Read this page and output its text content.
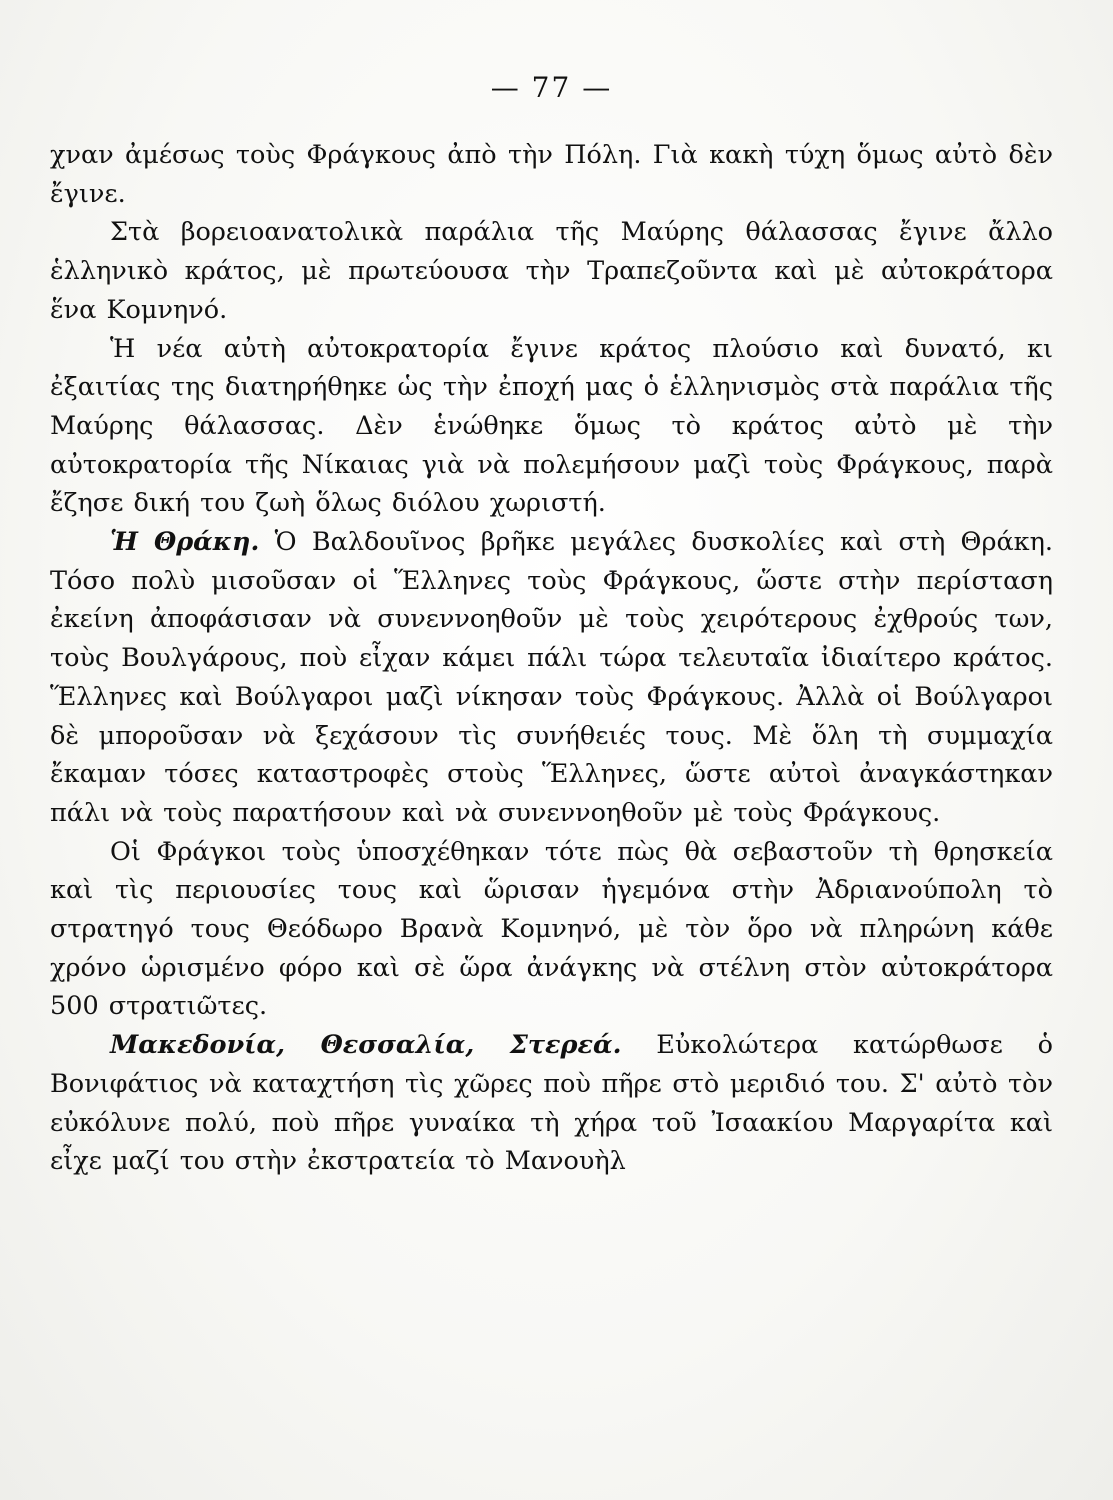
— 77 —

χναν ἀμέσως τοὺς Φράγκους ἀπὸ τὴν Πόλη. Γιὰ κακὴ τύχη ὅμως αὐτὸ δὲν ἔγινε.

Στὰ βορειοανατολικὰ παράλια τῆς Μαύρης θάλασσας ἔγινε ἄλλο ἑλληνικὸ κράτος, μὲ πρωτεύουσα τὴν Τραπεζοῦντα καὶ μὲ αὐτοκράτορα ἕνα Κομνηνό.

Ἡ νέα αὐτὴ αὐτοκρατορία ἔγινε κράτος πλούσιο καὶ δυνατό, κι ἐξαιτίας της διατηρήθηκε ὡς τὴν ἐποχή μας ὁ ἑλληνισμὸς στὰ παράλια τῆς Μαύρης θάλασσας. Δὲν ἑνώθηκε ὅμως τὸ κράτος αὐτὸ μὲ τὴν αὐτοκρατορία τῆς Νίκαιας γιὰ νὰ πολεμήσουν μαζὶ τοὺς Φράγκους, παρὰ ἔζησε δική του ζωὴ ὅλως διόλου χωριστή.

Ἡ Θράκη. Ὁ Βαλδουῖνος βρῆκε μεγάλες δυσκολίες καὶ στὴ Θράκη. Τόσο πολὺ μισοῦσαν οἱ Ἕλληνες τοὺς Φράγκους, ὥστε στὴν περίσταση ἐκείνη ἀποφάσισαν νὰ συνεννοηθοῦν μὲ τοὺς χειρότερους ἐχθρούς των, τοὺς Βουλγάρους, ποὺ εἶχαν κάμει πάλι τώρα τελευταῖα ἰδιαίτερο κράτος. Ἕλληνες καὶ Βούλγαροι μαζὶ νίκησαν τοὺς Φράγκους. Ἀλλὰ οἱ Βούλγαροι δὲ μποροῦσαν νὰ ξεχάσουν τὶς συνήθειές τους. Μὲ ὅλη τὴ συμμαχία ἔκαμαν τόσες καταστροφὲς στοὺς Ἕλληνες, ὥστε αὐτοὶ ἀναγκάστηκαν πάλι νὰ τοὺς παρατήσουν καὶ νὰ συνεννοηθοῦν μὲ τοὺς Φράγκους.

Οἱ Φράγκοι τοὺς ὑποσχέθηκαν τότε πὼς θὰ σεβαστοῦν τὴ θρησκεία καὶ τὶς περιουσίες τους καὶ ὥρισαν ἡγεμόνα στὴν Ἀδριανούπολη τὸ στρατηγό τους Θεόδωρο Βρανὰ Κομνηνό, μὲ τὸν ὅρο νὰ πληρώνη κάθε χρόνο ὡρισμένο φόρο καὶ σὲ ὥρα ἀνάγκης νὰ στέλνη στὸν αὐτοκράτορα 500 στρατιῶτες.

Μακεδονία, Θεσσαλία, Στερεά. Εὐκολώτερα κατώρθωσε ὁ Βονιφάτιος νὰ καταχτήση τὶς χῶρες ποὺ πῆρε στὸ μεριδιό του. Σ' αὐτὸ τὸν εὐκόλυνε πολύ, ποὺ πῆρε γυναίκα τὴ χήρα τοῦ Ἰσαακίου Μαργαρίτα καὶ εἶχε μαζί του στὴν ἐκστρατεία τὸ Μανουὴλ
